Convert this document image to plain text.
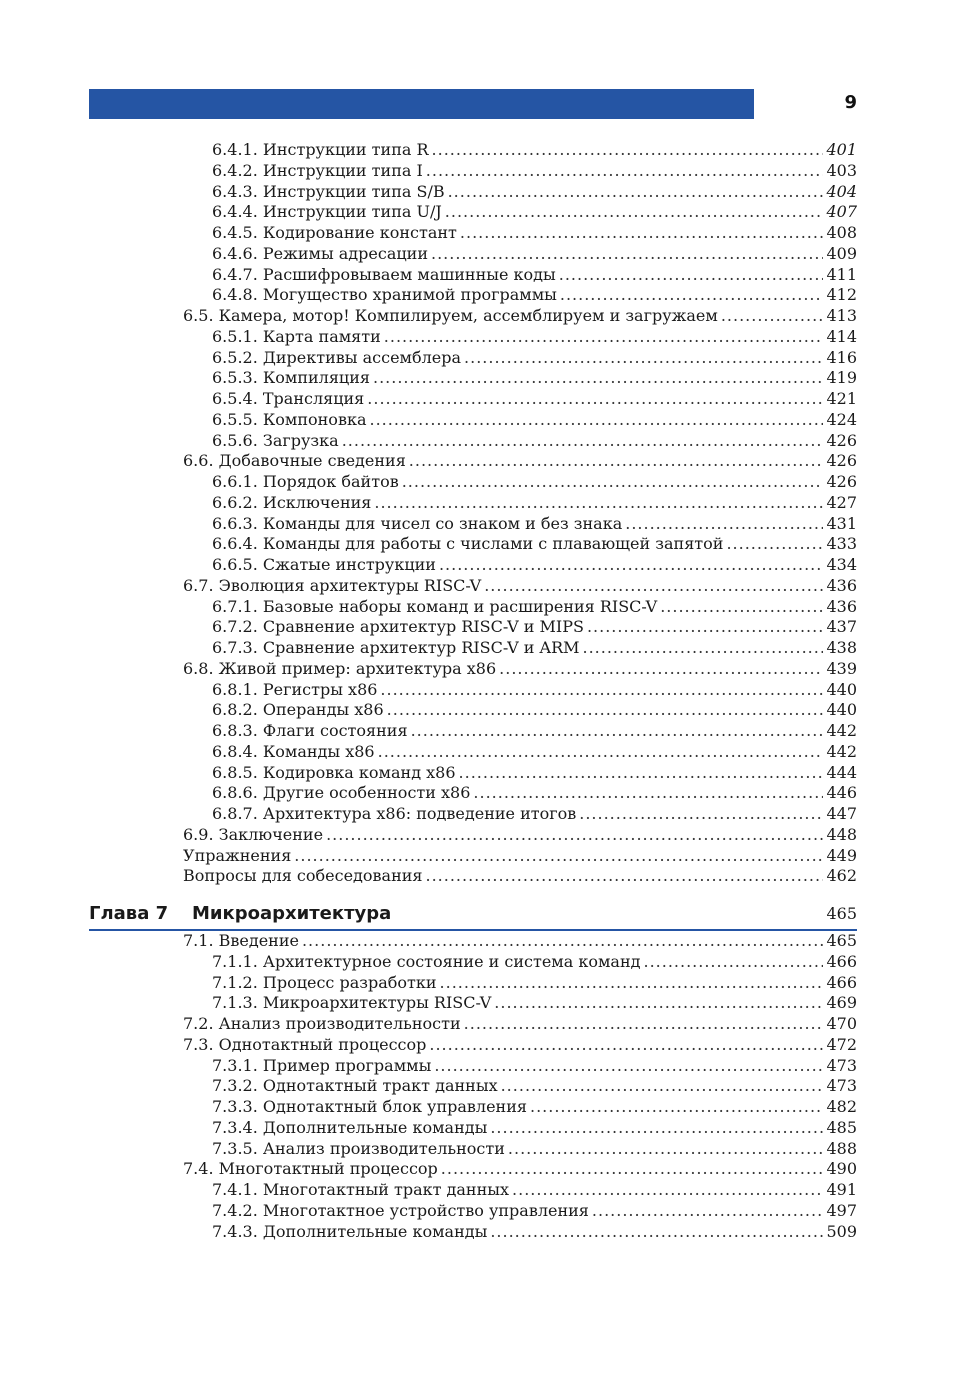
9
6.4.1. Инструкции типа R .....	401
6.4.2. Инструкции типа I .....	403
6.4.3. Инструкции типа S/B .....	404
6.4.4. Инструкции типа U/J .....	407
6.4.5. Кодирование констант .....	408
6.4.6. Режимы адресации .....	409
6.4.7. Расшифровываем машинные коды .....	411
6.4.8. Могущество хранимой программы .....	412
6.5. Камера, мотор! Компилируем, ассемблируем и загружаем .....	413
6.5.1. Карта памяти .....	414
6.5.2. Директивы ассемблера .....	416
6.5.3. Компиляция .....	419
6.5.4. Трансляция .....	421
6.5.5. Компоновка .....	424
6.5.6. Загрузка .....	426
6.6. Добавочные сведения .....	426
6.6.1. Порядок байтов .....	426
6.6.2. Исключения .....	427
6.6.3. Команды для чисел со знаком и без знака .....	431
6.6.4. Команды для работы с числами с плавающей запятой .....	433
6.6.5. Сжатые инструкции .....	434
6.7. Эволюция архитектуры RISC-V .....	436
6.7.1. Базовые наборы команд и расширения RISC-V .....	436
6.7.2. Сравнение архитектур RISC-V и MIPS .....	437
6.7.3. Сравнение архитектур RISC-V и ARM .....	438
6.8. Живой пример: архитектура x86 .....	439
6.8.1. Регистры x86 .....	440
6.8.2. Операнды x86 .....	440
6.8.3. Флаги состояния .....	442
6.8.4. Команды x86 .....	442
6.8.5. Кодировка команд x86 .....	444
6.8.6. Другие особенности x86 .....	446
6.8.7. Архитектура x86: подведение итогов .....	447
6.9. Заключение .....	448
Упражнения .....	449
Вопросы для собеседования .....	462
Глава 7 Микроархитектура	465
7.1. Введение .....	465
7.1.1. Архитектурное состояние и система команд .....	466
7.1.2. Процесс разработки .....	466
7.1.3. Микроархитектуры RISC-V .....	469
7.2. Анализ производительности .....	470
7.3. Однотактный процессор .....	472
7.3.1. Пример программы .....	473
7.3.2. Однотактный тракт данных .....	473
7.3.3. Однотактный блок управления .....	482
7.3.4. Дополнительные команды .....	485
7.3.5. Анализ производительности .....	488
7.4. Многотактный процессор .....	490
7.4.1. Многотактный тракт данных .....	491
7.4.2. Многотактное устройство управления .....	497
7.4.3. Дополнительные команды .....	509
